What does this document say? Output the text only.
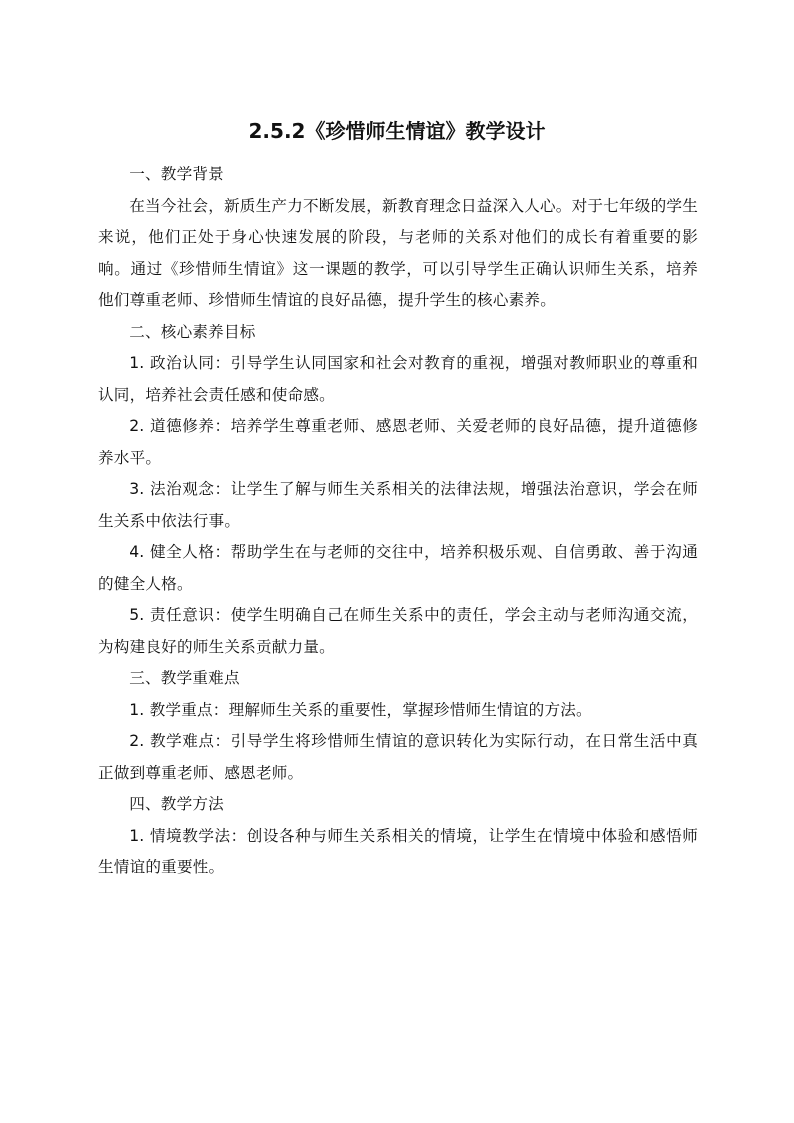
2.5.2《珍惜师生情谊》教学设计

一、教学背景

在当今社会，新质生产力不断发展，新教育理念日益深入人心。对于七年级的学生来说，他们正处于身心快速发展的阶段，与老师的关系对他们的成长有着重要的影响。通过《珍惜师生情谊》这一课题的教学，可以引导学生正确认识师生关系，培养他们尊重老师、珍惜师生情谊的良好品德，提升学生的核心素养。

二、核心素养目标

1. 政治认同：引导学生认同国家和社会对教育的重视，增强对教师职业的尊重和认同，培养社会责任感和使命感。

2. 道德修养：培养学生尊重老师、感恩老师、关爱老师的良好品德，提升道德修养水平。

3. 法治观念：让学生了解与师生关系相关的法律法规，增强法治意识，学会在师生关系中依法行事。

4. 健全人格：帮助学生在与老师的交往中，培养积极乐观、自信勇敢、善于沟通的健全人格。

5. 责任意识：使学生明确自己在师生关系中的责任，学会主动与老师沟通交流，为构建良好的师生关系贡献力量。

三、教学重难点

1. 教学重点：理解师生关系的重要性，掌握珍惜师生情谊的方法。

2. 教学难点：引导学生将珍惜师生情谊的意识转化为实际行动，在日常生活中真正做到尊重老师、感恩老师。

四、教学方法

1. 情境教学法：创设各种与师生关系相关的情境，让学生在情境中体验和感悟师生情谊的重要性。
